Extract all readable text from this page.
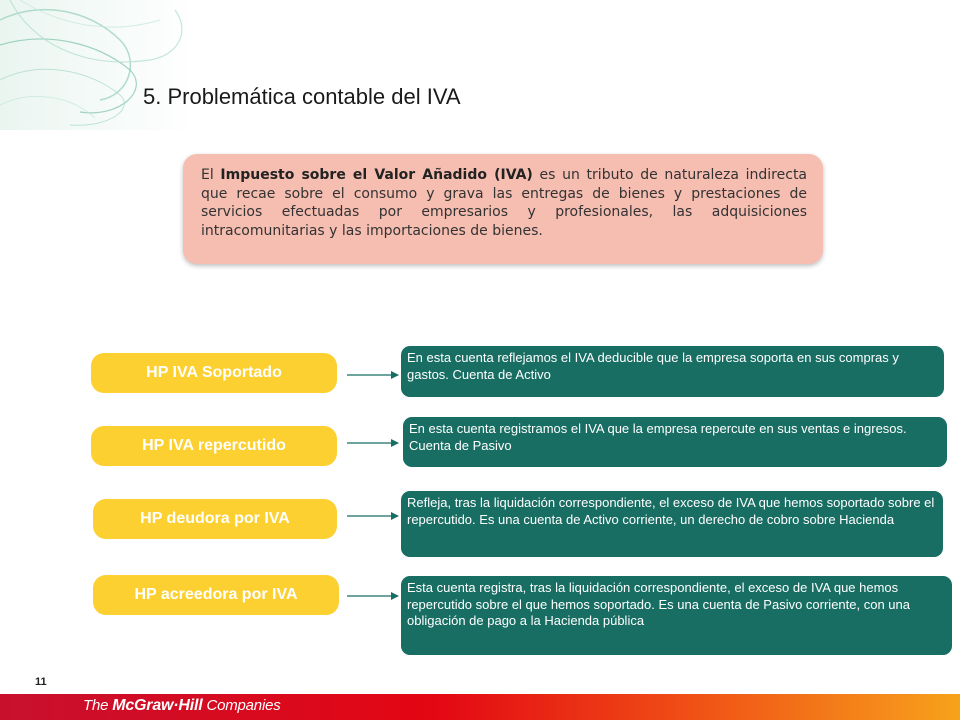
5. Problemática contable del IVA
El Impuesto sobre el Valor Añadido (IVA) es un tributo de naturaleza indirecta que recae sobre el consumo y grava las entregas de bienes y prestaciones de servicios efectuadas por empresarios y profesionales, las adquisiciones intracomunitarias y las importaciones de bienes.
HP IVA Soportado
HP IVA repercutido
HP deudora por IVA
HP acreedora por IVA
En esta cuenta reflejamos el IVA deducible que la empresa soporta en sus compras y gastos. Cuenta de Activo
En esta cuenta registramos el IVA que la empresa repercute en sus ventas e ingresos. Cuenta de Pasivo
Refleja, tras la liquidación correspondiente, el exceso de IVA que hemos soportado sobre el repercutido. Es una cuenta de Activo corriente, un derecho de cobro sobre Hacienda
Esta cuenta registra, tras la liquidación correspondiente, el exceso de IVA que hemos repercutido sobre el que hemos soportado. Es una cuenta de Pasivo corriente, con una obligación de pago a la Hacienda pública
11
The McGraw·Hill Companies
